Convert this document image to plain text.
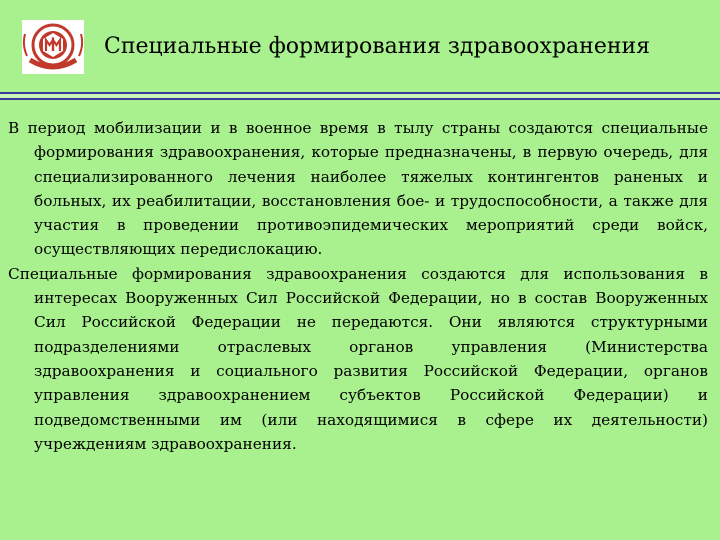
Специальные формирования здравоохранения

В период мобилизации и в военное время в тылу страны создаются специальные формирования здравоохранения, которые предназначены, в первую очередь, для специализированного лечения наиболее тяжелых контингентов раненых и больных, их реабилитации, восстановления бое- и трудоспособности, а также для участия в проведении противоэпидемических мероприятий среди войск, осуществляющих передислокацию.

Специальные формирования здравоохранения создаются для использования в интересах Вооруженных Сил Российской Федерации, но в состав Вооруженных Сил Российской Федерации не передаются. Они являются структурными подразделениями отраслевых органов управления (Министерства здравоохранения и социального развития Российской Федерации, органов управления здравоохранением субъектов Российской Федерации) и подведомственными им (или находящимися в сфере их деятельности) учреждениям здравоохранения.
